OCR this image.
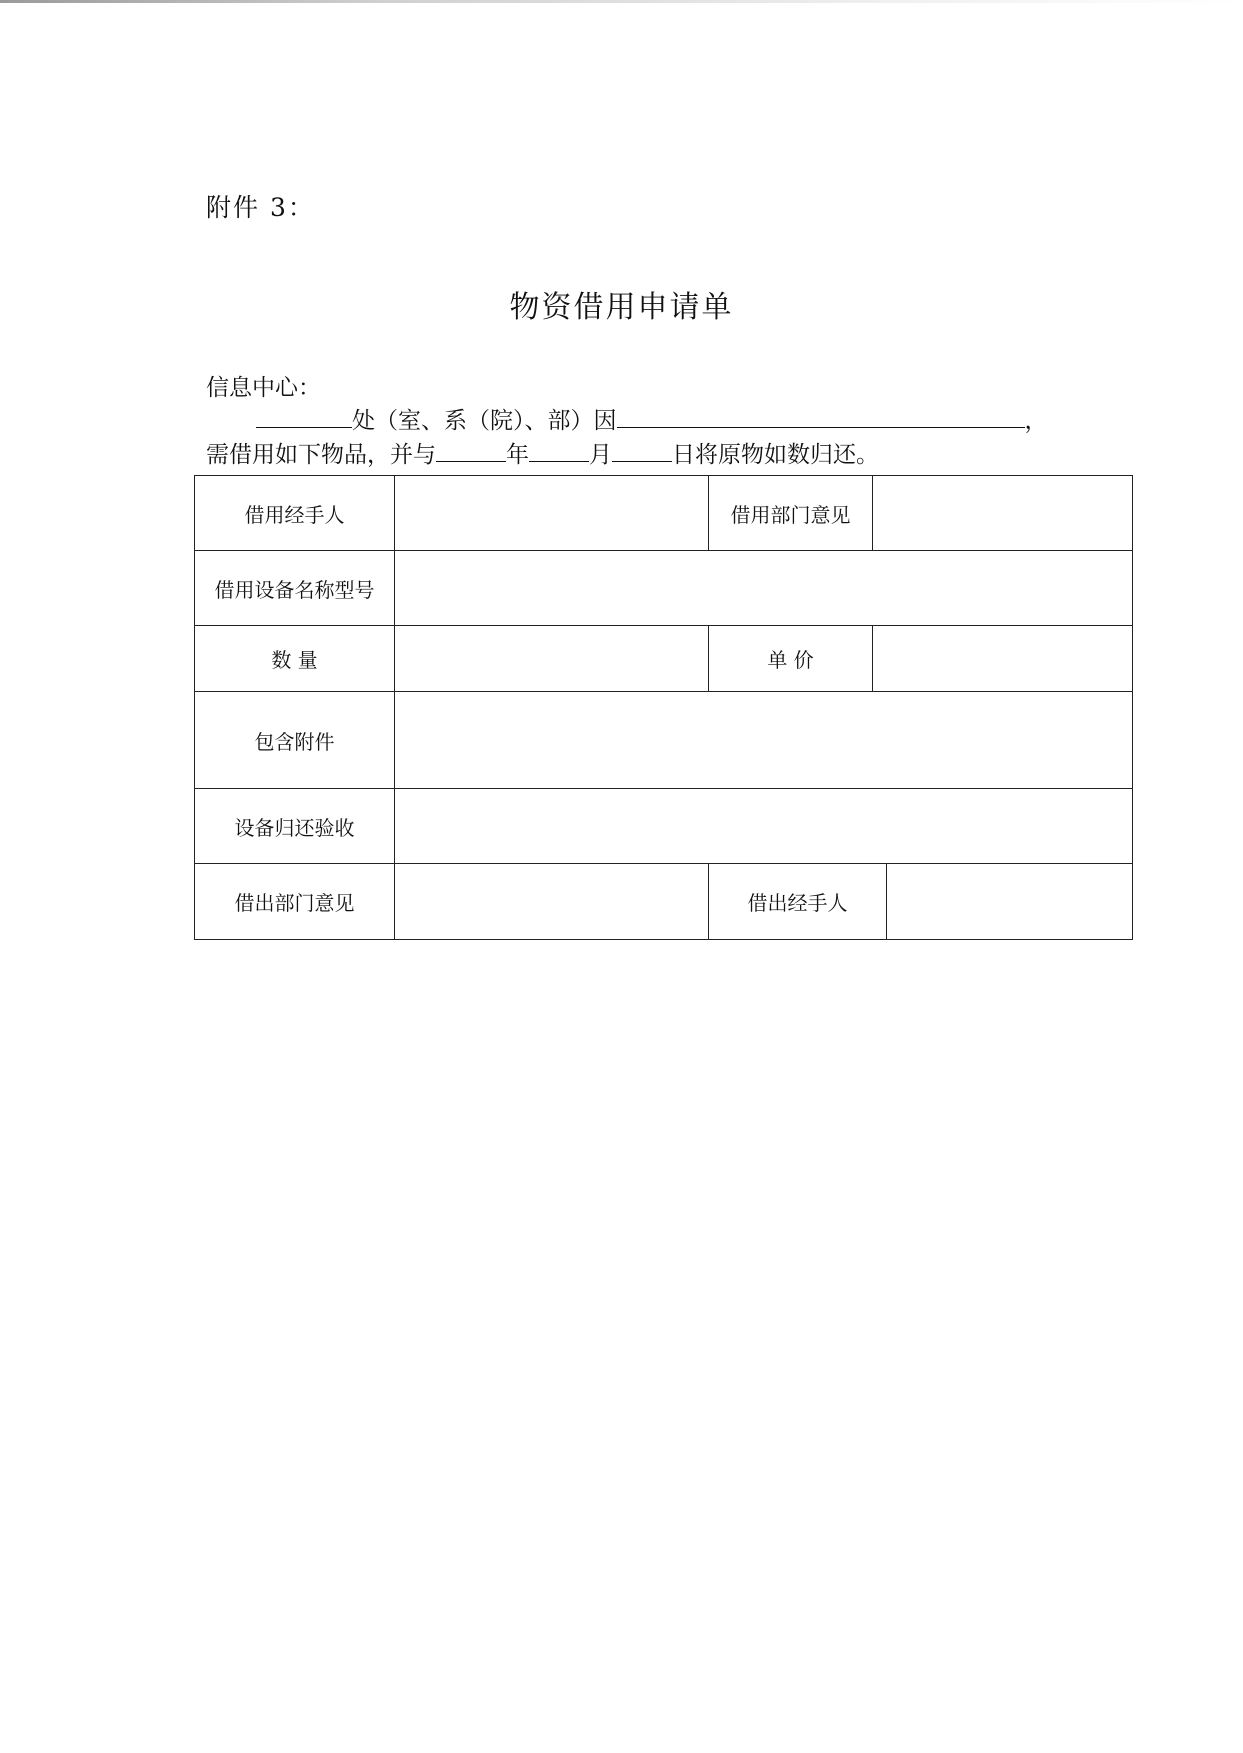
附件 3：
物资借用申请单
信息中心：
处（室、系（院）、部）因	，
需借用如下物品，并与	年	月	日将原物如数归还。
借用经手人		借用部门意见		
借用设备名称型号				
数 量		单 价		
包含附件				
设备归还验收				
借出部门意见		借出经手人		
